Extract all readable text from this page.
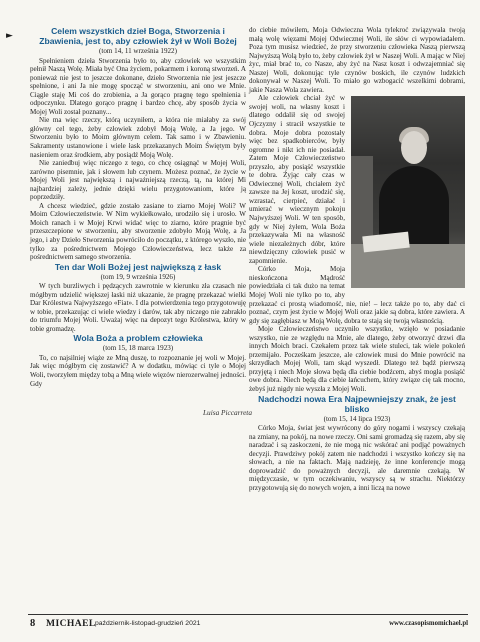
►	Celem wszystkich dzieł Boga, Stworzenia i Zbawienia, jest to, aby człowiek żył w Woli Bożej
(tom 14, 11 września 1922)

Spełnieniem dzieła Stworzenia było to, aby człowiek we wszystkim pełnił Naszą Wolę. Miała być Ona życiem, pokarmem i koroną stworzeń. A ponieważ nie jest to jeszcze dokonane, dzieło Stworzenia nie jest jeszcze spełnione, i ani Ja nie mogę spocząć w stworzeniu, ani ono we Mnie. Ciągle staję Mi coś do zrobienia, a Ja gorąco pragnę tego spełnienia i odpoczynku. Dlatego gorąco pragnę i bardzo chcę, aby sposób życia w Mojej Woli został poznany...

Nie ma więc rzeczy, którą uczyniłem, a która nie miałaby za swój główny cel tego, żeby człowiek zdobył Moją Wolę, a Ja jego. W Stworzeniu było to Moim głównym celem. Tak samo i w Zbawieniu. Sakramenty ustanowione i wiele łask przekazanych Moim Świętym były nasieniem oraz środkiem, aby posiądź Moją Wolę.

Nie zaniedbuj więc niczego z tego, co chcę osiągnąć w Mojej Woli, zarówno pisemnie, jak i słowem lub czynem. Możesz poznać, że życie w Mojej Woli jest największą i najważniejszą rzeczą, tą, na której Mi najbardziej zależy, jednie dzięki wielu przygotowaniom, które ją poprzedziły.

A chcesz wiedzieć, gdzie zostało zasiane to ziarno Mojej Woli? W Moim Człowieczeństwie. W Nim wykiełkowało, urodziło się i urosło. W Moich ranach i w Mojej Krwi widać więc to ziarno, które pragnie być przeszczepione w stworzeniu, aby stworzenie zdobyło Moją Wolę, a Ja jego, i aby Dzieło Stworzenia powróciło do początku, z którego wyszło, nie tylko za pośrednictwem Mojego Człowieczeństwa, lecz także za pośrednictwem samego stworzenia.

Ten dar Woli Bożej jest największą z łask
(tom 19, 9 września 1926)

W tych burzliwych i pędzących zawrotnie w kierunku zła czasach nie mógłbym udzielić większej łaski niż ukazanie, że pragnę przekazać wielki Dar Królestwa Najwyższego «Fiat». I dla potwierdzenia tego przygotowuję w tobie, przekazując ci wiele wiedzy i darów, tak aby niczego nie zabrakło do triumfu Mojej Woli. Uważaj więc na depozyt tego Królestwa, który w tobie gromadzę.

Wola Boża a problem człowieka
(tom 15, 18 marca 1923)

To, co najsilniej wiąże ze Mną duszę, to rozpoznanie jej woli w Mojej. Jak więc mógłbym cię zostawić? A w dodatku, mówiąc ci tyle o Mojej Woli, tworzyłem między tobą a Mną wiele więzów nierozerwalnej jedności. Gdy

do ciebie mówiłem, Moja Odwieczna Wola tylekroć związywała twoją małą wolę więzami Mojej Odwiecznej Woli, ile słów ci wypowiadałem. Poza tym musisz wiedzieć, że przy stworzeniu człowieka Naszą pierwszą Najwyższą Wolą było to, żeby człowiek żył w Naszej Woli. A mając w Niej życ, miał brać to, co Nasze, aby żyć na Nasz koszt i odwzajemniać się Naszej Woli, dokonując tyle czynów boskich, ile czynów ludzkich dokonywał w Naszej Woli. To miało go wzbogacić wszelkimi dobrami, jakie Nasza Wola zawiera.

Ale człowiek chciał żyć w swojej woli, na własny koszt i dlatego oddalił się od swojej Ojczyzny i stracił wszystkie te dobra. Moje dobra pozostały więc bez spadkobierców, były ogromne i nikt ich nie posiadał. Zatem Moje Człowieczeństwo przyszło, aby posiąść wszystkie te dobra. Żyjąc cały czas w Odwiecznej Woli, chciałem żyć zawsze na Jej koszt, urodzić się, wzrastać, cierpieć, działać i umierać w wiecznym pokoju Najwyższej Woli. W ten sposób, gdy w Niej żyłem, Wola Boża przekazywała Mi na własność wiele niezależnych dóbr, które niewdzięczny człowiek pusić w zapomnienie.

Córko Moja, Moja nieskończona Mądrość powiedziała ci tak dużo na temat Mojej Woli nie tylko po to, aby przekazać ci prostą wiadomość, nie, nie! – lecz także po to, aby dać ci poznać, czym jest życie w Mojej Woli oraz jakie są dobra, które zawiera. A gdy się zagłębiasz w Moją Wolę, dobra te stają się twoją własnością.

Moje Człowieczeństwo uczyniło wszystko, wzięło w posiadanie wszystko, nie ze względu na Mnie, ale dlatego, żeby otworzyć drzwi dla innych Moich braci. Czekałem przez tak wiele stuleci, tak wiele pokoleń przemijało. Pocześkam jeszcze, ale człowiek musi do Mnie powrócić na skrzydłach Mojej Woli, tam skąd wyszedł. Dlatego też bądź pierwszą przyjętą i niech Moje słowa będą dla ciebie bodźcem, abyś mogła posiąść owe dobra. Niech będą dla ciebie łańcuchem, który związe cię tak mocno, żebyś już nigdy nie wyszła z Mojej Woli.

Nadchodzi nowa Era Najpewniejszy znak, że jest blisko
(tom 15, 14 lipca 1923)

Córko Moja, świat jest wywrócony do góry nogami i wszyscy czekają na zmiany, na pokój, na nowe rzeczy. Oni sami gromadzą się razem, aby się naradzać i są zaskoczeni, że nie mogą nic wskórać ani podjąć poważnych decyzji. Prawdziwy pokój zatem nie nadchodzi i wszystko kończy się na słowach, a nie na faktach. Mają nadzieję, że inne konferencje mogą doprowadzić do poważnych decyzji, ale daremnie czekają. W międzyczasie, w tym oczekiwaniu, wszyscy są w strachu. Niektórzy przygotowują się do nowych wojen, a inni liczą na nowe

Luisa Piccarreta
8 MICHAEL październik-listopad-grudzień 2021	www.czasopismomichael.pl
